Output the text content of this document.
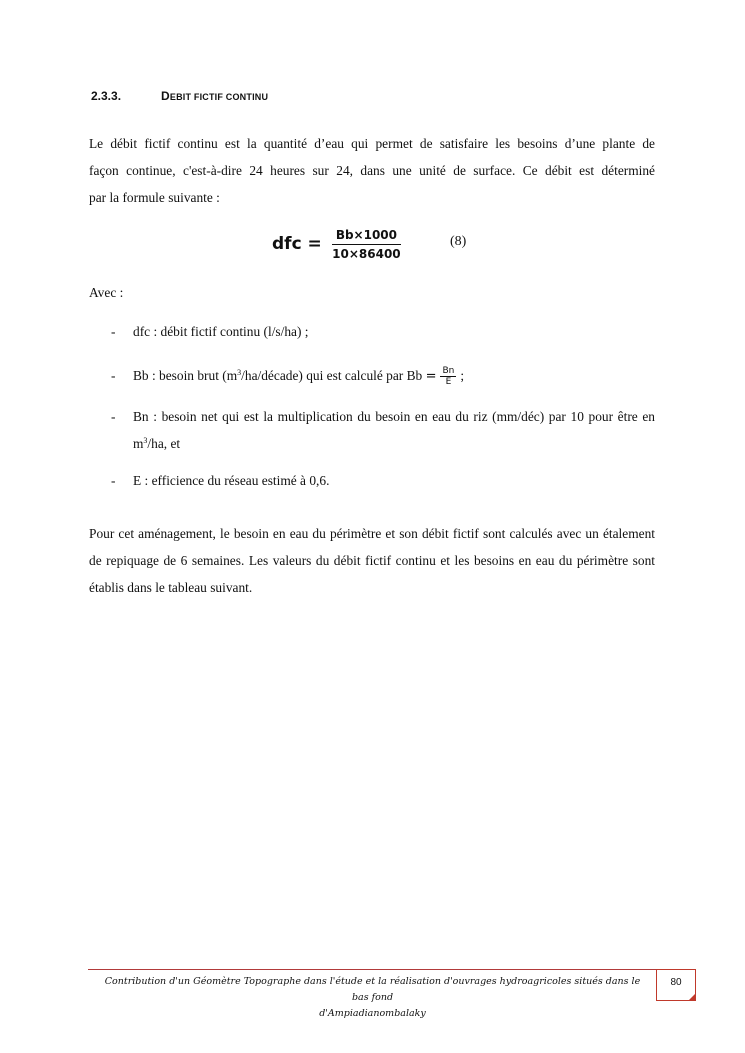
2.3.3.	DEBIT FICTIF CONTINU
Le débit fictif continu est la quantité d’eau qui permet de satisfaire les besoins d’une plante de
façon continue, c'est-à-dire 24 heures sur 24, dans une unité de surface. Ce débit est déterminé
par la formule suivante :
dfc = $\frac{Bb\times 1000}{10\times 86400}$	(8)
Avec :
- dfc : débit fictif continu (l/s/ha) ;
- Bb : besoin brut $(m^3/ha/décade)$ qui est calculé par $Bb = \frac{Bn}{E}$ ;
- Bn : besoin net qui est la multiplication du besoin en eau du riz (mm/déc) par 10 pour être en $m^3/ha$, et
- E : efficience du réseau estimé à 0,6.
Pour cet aménagement, le besoin en eau du périmètre et son débit fictif sont calculés avec un étalement de repiquage de 6 semaines. Les valeurs du débit fictif continu et les besoins en eau du périmètre sont établis dans le tableau suivant.
Contribution d'un Géomètre Topographe dans l'étude et la réalisation d'ouvrages hydroagricoles situés dans le bas fond
d'Ampiadianombalaky
80
